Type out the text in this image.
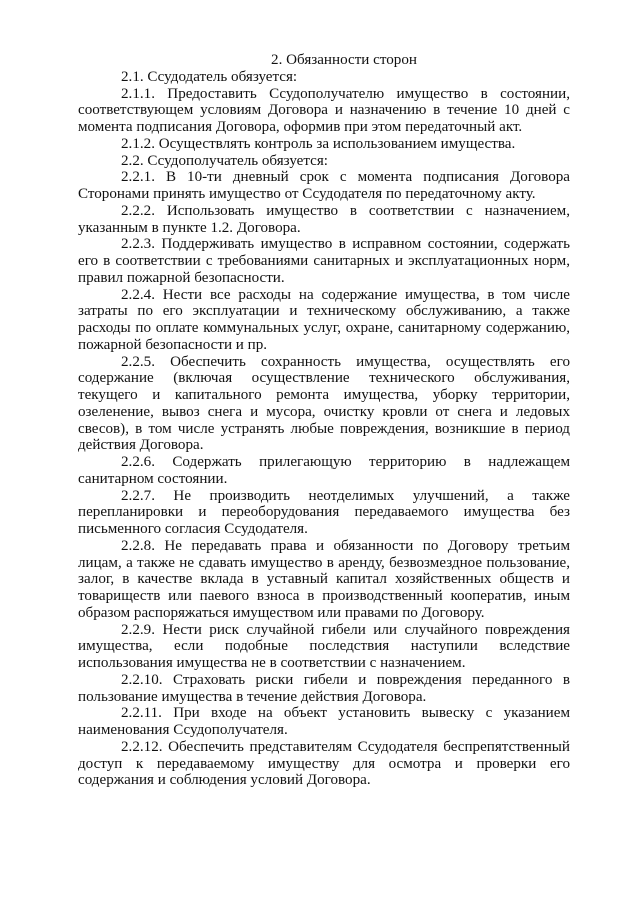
2. Обязанности сторон

2.1. Ссудодатель обязуется:

2.1.1. Предоставить Ссудополучателю имущество в состоянии, соответствующем условиям Договора и назначению в течение 10 дней с момента подписания Договора, оформив при этом передаточный акт.

2.1.2. Осуществлять контроль за использованием имущества.

2.2. Ссудополучатель обязуется:

2.2.1. В 10-ти дневный срок с момента подписания Договора Сторонами принять имущество от Ссудодателя по передаточному акту.

2.2.2. Использовать имущество в соответствии с назначением, указанным в пункте 1.2. Договора.

2.2.3. Поддерживать имущество в исправном состоянии, содержать его в соответствии с требованиями санитарных и эксплуатационных норм, правил пожарной безопасности.

2.2.4. Нести все расходы на содержание имущества, в том числе затраты по его эксплуатации и техническому обслуживанию, а также расходы по оплате коммунальных услуг, охране, санитарному содержанию, пожарной безопасности и пр.

2.2.5. Обеспечить сохранность имущества, осуществлять его содержание (включая осуществление технического обслуживания, текущего и капитального ремонта имущества, уборку территории, озеленение, вывоз снега и мусора, очистку кровли от снега и ледовых свесов), в том числе устранять любые повреждения, возникшие в период действия Договора.

2.2.6. Содержать прилегающую территорию в надлежащем санитарном состоянии.

2.2.7. Не производить неотделимых улучшений, а также перепланировки и переоборудования передаваемого имущества без письменного согласия Ссудодателя.

2.2.8. Не передавать права и обязанности по Договору третьим лицам, а также не сдавать имущество в аренду, безвозмездное пользование, залог, в качестве вклада в уставный капитал хозяйственных обществ и товариществ или паевого взноса в производственный кооператив, иным образом распоряжаться имуществом или правами по Договору.

2.2.9. Нести риск случайной гибели или случайного повреждения имущества, если подобные последствия наступили вследствие использования имущества не в соответствии с назначением.

2.2.10. Страховать риски гибели и повреждения переданного в пользование имущества в течение действия Договора.

2.2.11. При входе на объект установить вывеску с указанием наименования Ссудополучателя.

2.2.12. Обеспечить представителям Ссудодателя беспрепятственный доступ к передаваемому имуществу для осмотра и проверки его содержания и соблюдения условий Договора.
